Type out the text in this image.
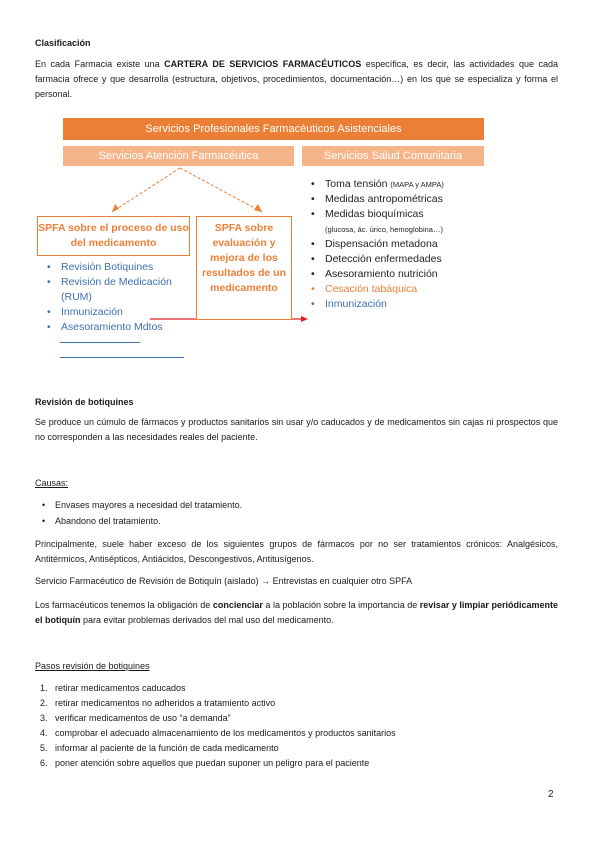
Clasificación
En cada Farmacia existe una CARTERA DE SERVICIOS FARMACÉUTICOS específica, es decir, las actividades que cada farmacia ofrece y que desarrolla (estructura, objetivos, procedimientos, documentación…) en los que se especializa y forma el personal.
Servicios Profesionales Farmacéuticos Asistenciales
Servicios Atención Farmacéutica	Servicios Salud Comunitaria
SPFA sobre el proceso de uso del medicamento
SPFA sobre evaluación y mejora de los resultados de un medicamento
• Revisión Botiquines
• Revisión de Medicación (RUM)
• Inmunización
• Asesoramiento Mdtos
• Toma tensión (MAPA y AMPA)
• Medidas antropométricas
• Medidas bioquímicas
(glucosa, ác. úrico, hemoglobina…)
• Dispensación metadona
• Detección enfermedades
• Asesoramiento nutrición
• Cesación tabáquica
• Inmunización
Revisión de botiquines
Se produce un cúmulo de fármacos y productos sanitarios sin usar y/o caducados y de medicamentos sin cajas ni prospectos que no corresponden a las necesidades reales del paciente.
Causas:
• Envases mayores a necesidad del tratamiento.
• Abandono del tratamiento.
Principalmente, suele haber exceso de los siguientes grupos de fármacos por no ser tratamientos crónicos: Analgésicos, Antitérmicos, Antisépticos, Antiácidos, Descongestivos, Antitusígenos.
Servicio Farmacéutico de Revisión de Botiquín (aislado) → Entrevistas en cualquier otro SPFA
Los farmacéuticos tenemos la obligación de concienciar a la población sobre la importancia de revisar y limpiar periódicamente el botiquín para evitar problemas derivados del mal uso del medicamento.
Pasos revisión de botiquines
1. retirar medicamentos caducados
2. retirar medicamentos no adheridos a tratamiento activo
3. verificar medicamentos de uso “a demanda”
4. comprobar el adecuado almacenamiento de los medicamentos y productos sanitarios
5. informar al paciente de la función de cada medicamento
6. poner atención sobre aquellos que puedan suponer un peligro para el paciente
2
